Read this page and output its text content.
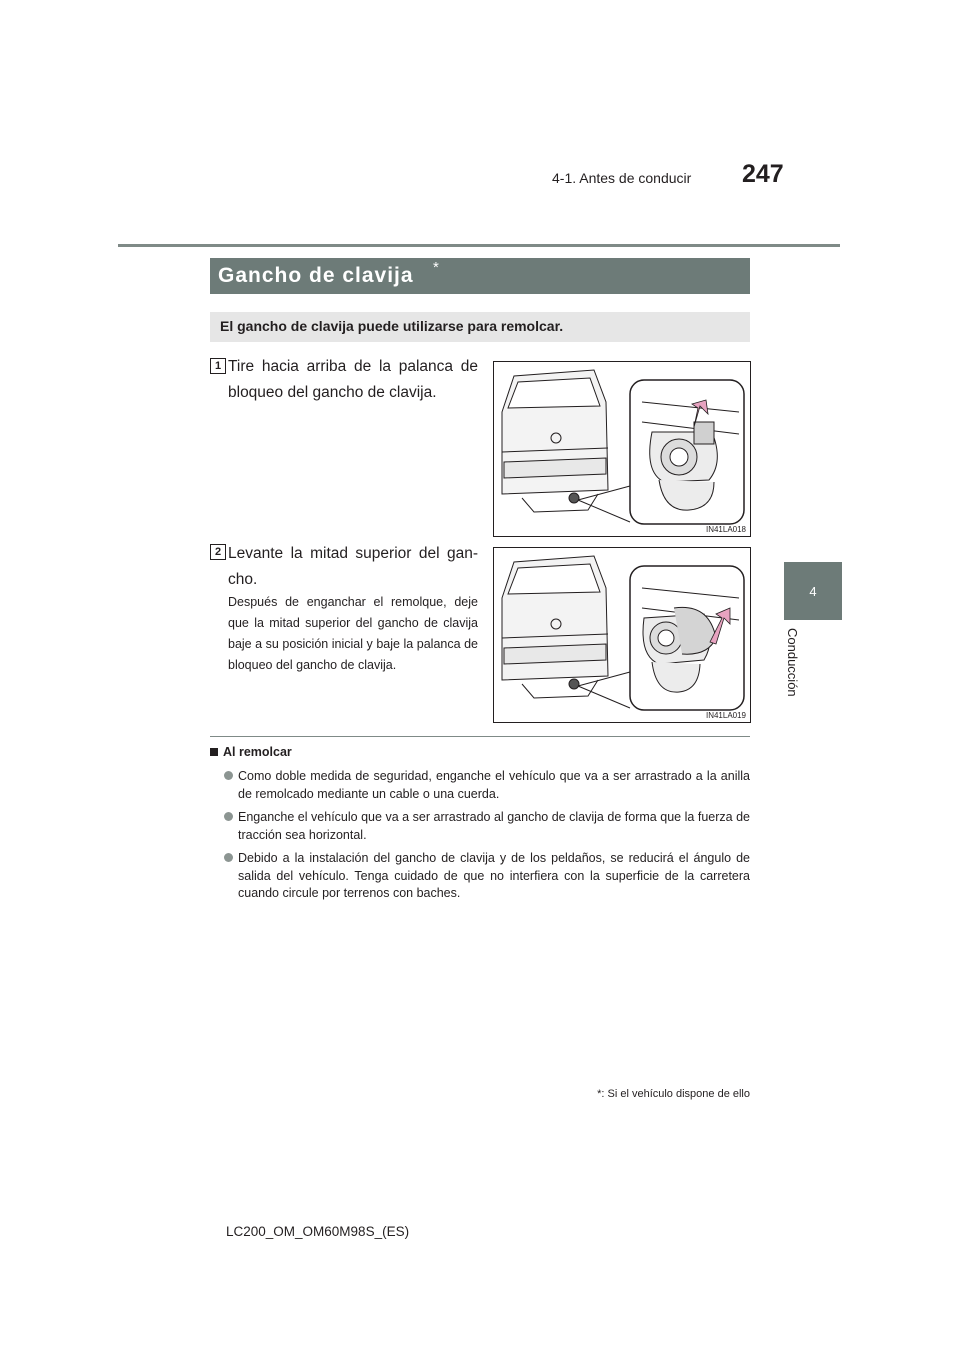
4-1. Antes de conducir 247
4
Conducción
Gancho de clavija *
El gancho de clavija puede utilizarse para remolcar.
1 Tire hacia arriba de la palanca de bloqueo del gancho de clavija.
IN41LA018
2 Levante la mitad superior del gan-cho.
Después de enganchar el remolque, deje que la mitad superior del gancho de clavija baje a su posición inicial y baje la palanca de bloqueo del gancho de clavija.
IN41LA019
Al remolcar
Como doble medida de seguridad, enganche el vehículo que va a ser arrastrado a la anilla de remolcado mediante un cable o una cuerda.
Enganche el vehículo que va a ser arrastrado al gancho de clavija de forma que la fuerza de tracción sea horizontal.
Debido a la instalación del gancho de clavija y de los peldaños, se reducirá el ángulo de salida del vehículo. Tenga cuidado de que no interfiera con la superficie de la carretera cuando circule por terrenos con baches.
*: Si el vehículo dispone de ello
LC200_OM_OM60M98S_(ES)
